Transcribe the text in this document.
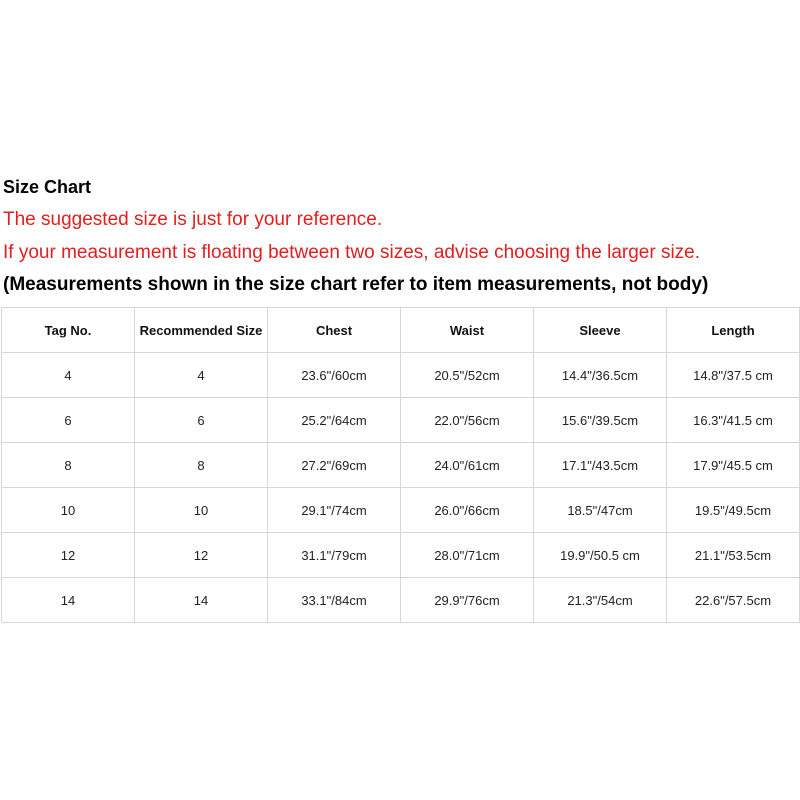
Size Chart
The suggested size is just for your reference.
If your measurement is floating between two sizes, advise choosing the larger size.
(Measurements shown in the size chart refer to item measurements, not body)
Tag No.	Recommended Size	Chest	Waist	Sleeve	Length
4	4	23.6"/60cm	20.5"/52cm	14.4"/36.5cm	14.8"/37.5 cm
6	6	25.2"/64cm	22.0"/56cm	15.6"/39.5cm	16.3"/41.5 cm
8	8	27.2"/69cm	24.0"/61cm	17.1"/43.5cm	17.9"/45.5 cm
10	10	29.1"/74cm	26.0"/66cm	18.5"/47cm	19.5"/49.5cm
12	12	31.1"/79cm	28.0"/71cm	19.9"/50.5 cm	21.1"/53.5cm
14	14	33.1"/84cm	29.9"/76cm	21.3"/54cm	22.6"/57.5cm
